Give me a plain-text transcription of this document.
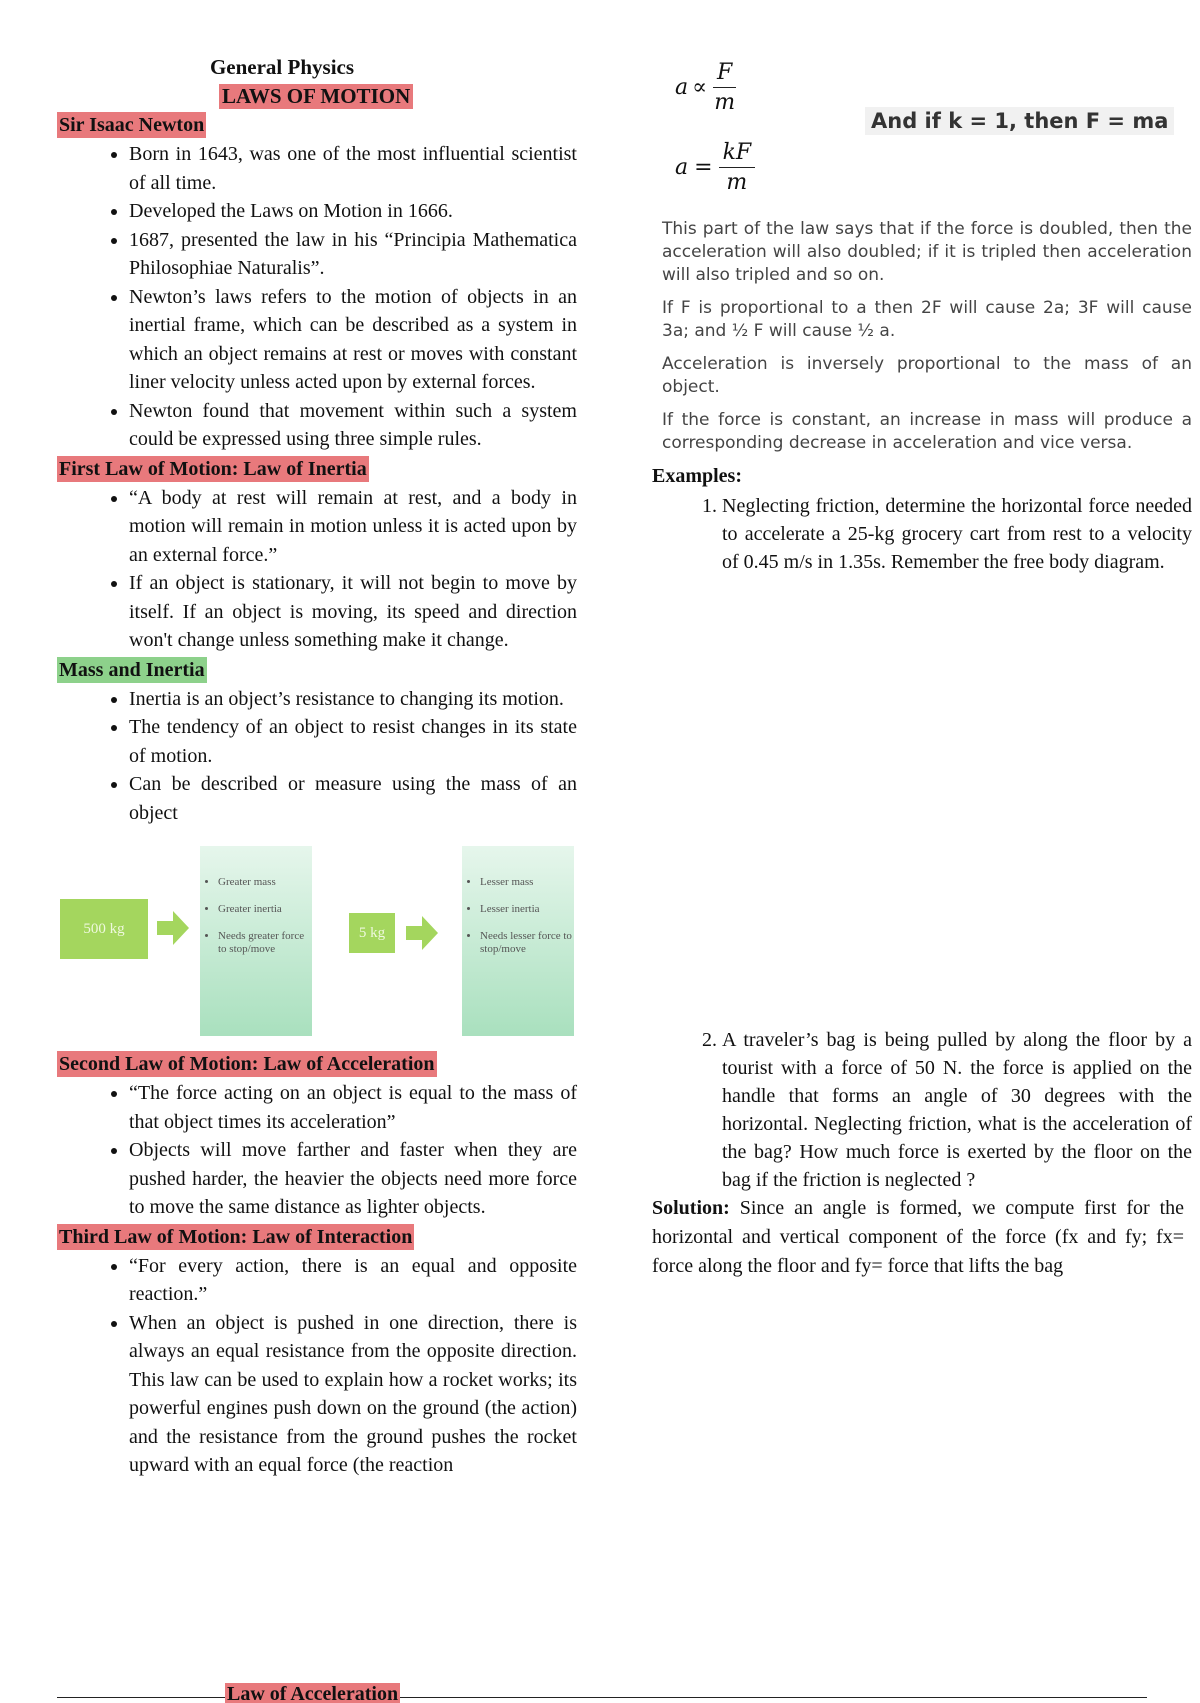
General Physics
LAWS OF MOTION
Sir Isaac Newton
• Born in 1643, was one of the most influential scientist of all time.
• Developed the Laws on Motion in 1666.
• 1687, presented the law in his “Principia Mathematica Philosophiae Naturalis”.
• Newton’s laws refers to the motion of objects in an inertial frame, which can be described as a system in which an object remains at rest or moves with constant liner velocity unless acted upon by external forces.
• Newton found that movement within such a system could be expressed using three simple rules.
First Law of Motion: Law of Inertia
• “A body at rest will remain at rest, and a body in motion will remain in motion unless it is acted upon by an external force.”
• If an object is stationary, it will not begin to move by itself. If an object is moving, its speed and direction won't change unless something make it change.
Mass and Inertia
• Inertia is an object’s resistance to changing its motion.
• The tendency of an object to resist changes in its state of motion.
• Can be described or measure using the mass of an object
500 kg
• Greater mass
• Greater inertia
• Needs greater force to stop/move
5 kg
• Lesser mass
• Lesser inertia
• Needs lesser force to stop/move
Second Law of Motion: Law of Acceleration
• “The force acting on an object is equal to the mass of that object times its acceleration”
• Objects will move farther and faster when they are pushed harder, the heavier the objects need more force to move the same distance as lighter objects.
Third Law of Motion: Law of Interaction
• “For every action, there is an equal and opposite reaction.”
• When an object is pushed in one direction, there is always an equal resistance from the opposite direction. This law can be used to explain how a rocket works; its powerful engines push down on the ground (the action) and the resistance from the ground pushes the rocket upward with an equal force (the reaction
$a \propto \frac{F}{m}$
And if k = 1, then F = ma
$a = \frac{kF}{m}$

This part of the law says that if the force is doubled, then the acceleration will also doubled; if it is tripled then acceleration will also tripled and so on.

If F is proportional to a then 2F will cause 2a; 3F will cause 3a; and ½ F will cause ½ a.

Acceleration is inversely proportional to the mass of an object.

If the force is constant, an increase in mass will produce a corresponding decrease in acceleration and vice versa.

Examples:
1. Neglecting friction, determine the horizontal force needed to accelerate a 25-kg grocery cart from rest to a velocity of 0.45 m/s in 1.35s. Remember the free body diagram.
2. A traveler’s bag is being pulled by along the floor by a tourist with a force of 50 N. the force is applied on the handle that forms an angle of 30 degrees with the horizontal. Neglecting friction, what is the acceleration of the bag? How much force is exerted by the floor on the bag if the friction is neglected ?

Solution: Since an angle is formed, we compute first for the horizontal and vertical component of the force (fx and fy; fx= force along the floor and fy= force that lifts the bag

Law of Acceleration
